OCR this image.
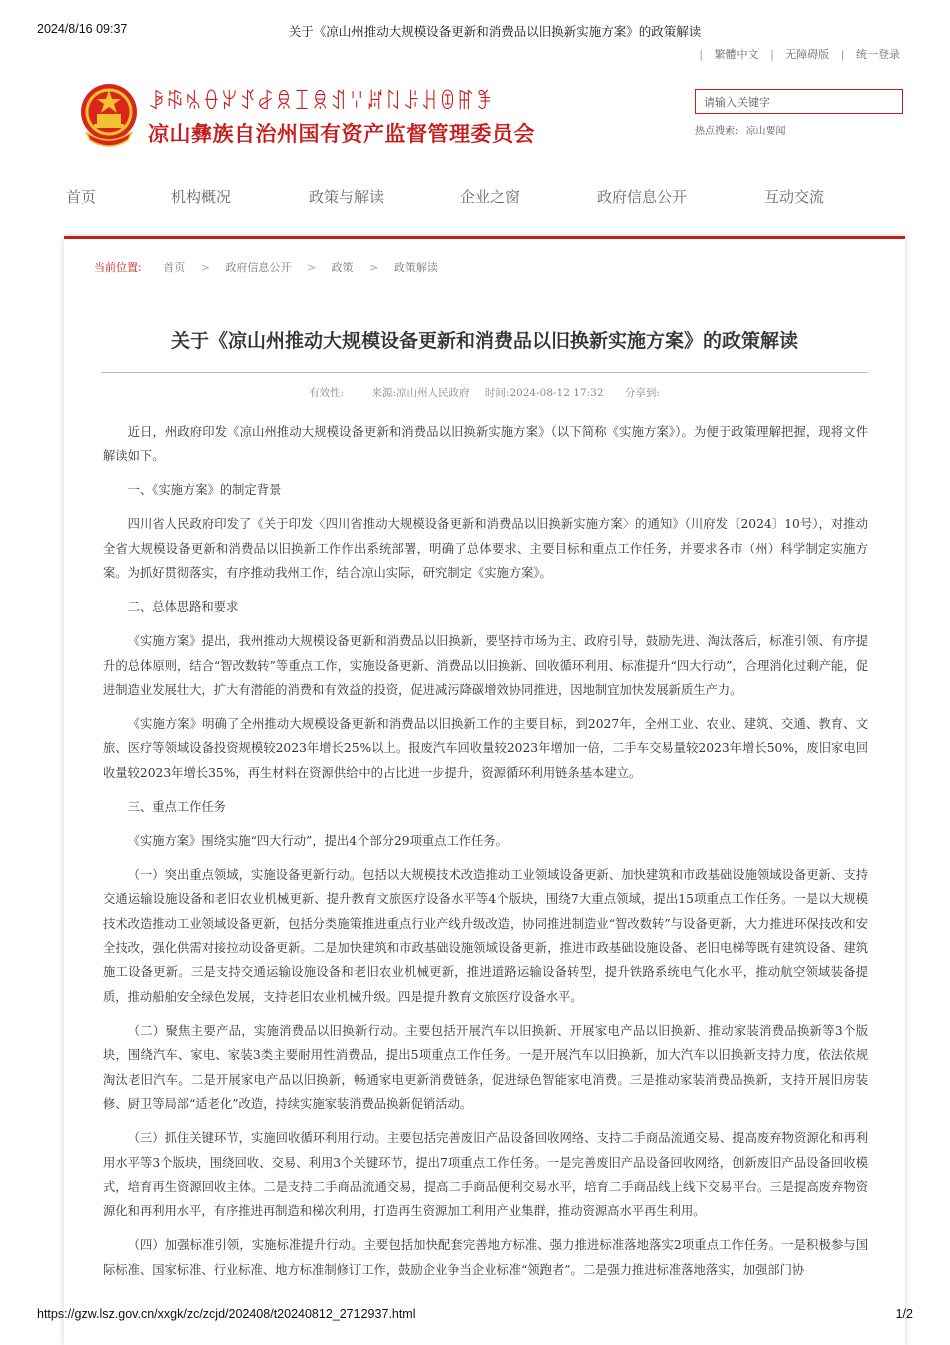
2024/8/16 09:37	关于《凉山州推动大规模设备更新和消费品以旧换新实施方案》的政策解读
| 繁體中文 | 无障碍版 | 统一登录
ꆃꎸꁱꂷꏃꀋꆀꌋꀤꌋꀊꈌꏦꇁꌠꃅꀧꂵꊈ
凉山彝族自治州国有资产监督管理委员会
请输入关键字
热点搜索: 凉山要闻
首页	机构概况	政策与解读	企业之窗	政府信息公开	互动交流
当前位置: 首页 > 政府信息公开 > 政策 > 政策解读
关于《凉山州推动大规模设备更新和消费品以旧换新实施方案》的政策解读
有效性:	来源:凉山州人民政府 时间:2024-08-12 17:32 分享到:

近日，州政府印发《凉山州推动大规模设备更新和消费品以旧换新实施方案》（以下简称《实施方案》）。为便于政策理解把握，现将文件解读如下。

一、《实施方案》的制定背景

四川省人民政府印发了《关于印发〈四川省推动大规模设备更新和消费品以旧换新实施方案〉的通知》（川府发〔2024〕10号），对推动全省大规模设备更新和消费品以旧换新工作作出系统部署，明确了总体要求、主要目标和重点工作任务，并要求各市（州）科学制定实施方案。为抓好贯彻落实，有序推动我州工作，结合凉山实际，研究制定《实施方案》。

二、总体思路和要求

《实施方案》提出，我州推动大规模设备更新和消费品以旧换新，要坚持市场为主、政府引导，鼓励先进、淘汰落后，标准引领、有序提升的总体原则，结合“智改数转”等重点工作，实施设备更新、消费品以旧换新、回收循环利用、标准提升“四大行动”，合理消化过剩产能，促进制造业发展壮大，扩大有潜能的消费和有效益的投资，促进减污降碳增效协同推进，因地制宜加快发展新质生产力。

《实施方案》明确了全州推动大规模设备更新和消费品以旧换新工作的主要目标，到2027年，全州工业、农业、建筑、交通、教育、文旅、医疗等领域设备投资规模较2023年增长25%以上。报废汽车回收量较2023年增加一倍，二手车交易量较2023年增长50%，废旧家电回收量较2023年增长35%，再生材料在资源供给中的占比进一步提升，资源循环利用链条基本建立。

三、重点工作任务

《实施方案》围绕实施“四大行动”，提出4个部分29项重点工作任务。

（一）突出重点领域，实施设备更新行动。包括以大规模技术改造推动工业领域设备更新、加快建筑和市政基础设施领域设备更新、支持交通运输设施设备和老旧农业机械更新、提升教育文旅医疗设备水平等4个版块，围绕7大重点领域，提出15项重点工作任务。一是以大规模技术改造推动工业领域设备更新，包括分类施策推进重点行业产线升级改造，协同推进制造业“智改数转”与设备更新，大力推进环保技改和安全技改，强化供需对接拉动设备更新。二是加快建筑和市政基础设施领域设备更新，推进市政基础设施设备、老旧电梯等既有建筑设备、建筑施工设备更新。三是支持交通运输设施设备和老旧农业机械更新，推进道路运输设备转型，提升铁路系统电气化水平，推动航空领域装备提质，推动船舶安全绿色发展，支持老旧农业机械升级。四是提升教育文旅医疗设备水平。

（二）聚焦主要产品，实施消费品以旧换新行动。主要包括开展汽车以旧换新、开展家电产品以旧换新、推动家装消费品换新等3个版块，围绕汽车、家电、家装3类主要耐用性消费品，提出5项重点工作任务。一是开展汽车以旧换新，加大汽车以旧换新支持力度，依法依规淘汰老旧汽车。二是开展家电产品以旧换新，畅通家电更新消费链条，促进绿色智能家电消费。三是推动家装消费品换新，支持开展旧房装修、厨卫等局部“适老化”改造，持续实施家装消费品换新促销活动。

（三）抓住关键环节，实施回收循环利用行动。主要包括完善废旧产品设备回收网络、支持二手商品流通交易、提高废弃物资源化和再利用水平等3个版块，围绕回收、交易、利用3个关键环节，提出7项重点工作任务。一是完善废旧产品设备回收网络，创新废旧产品设备回收模式，培育再生资源回收主体。二是支持二手商品流通交易，提高二手商品便利交易水平，培育二手商品线上线下交易平台。三是提高废弃物资源化和再利用水平，有序推进再制造和梯次利用，打造再生资源加工利用产业集群，推动资源高水平再生利用。

（四）加强标准引领，实施标准提升行动。主要包括加快配套完善地方标准、强力推进标准落地落实2项重点工作任务。一是积极参与国际标准、国家标准、行业标准、地方标准制修订工作，鼓励企业争当企业标准“领跑者”。二是强力推进标准落地落实，加强部门协

https://gzw.lsz.gov.cn/xxgk/zc/zcjd/202408/t20240812_2712937.html	1/2
